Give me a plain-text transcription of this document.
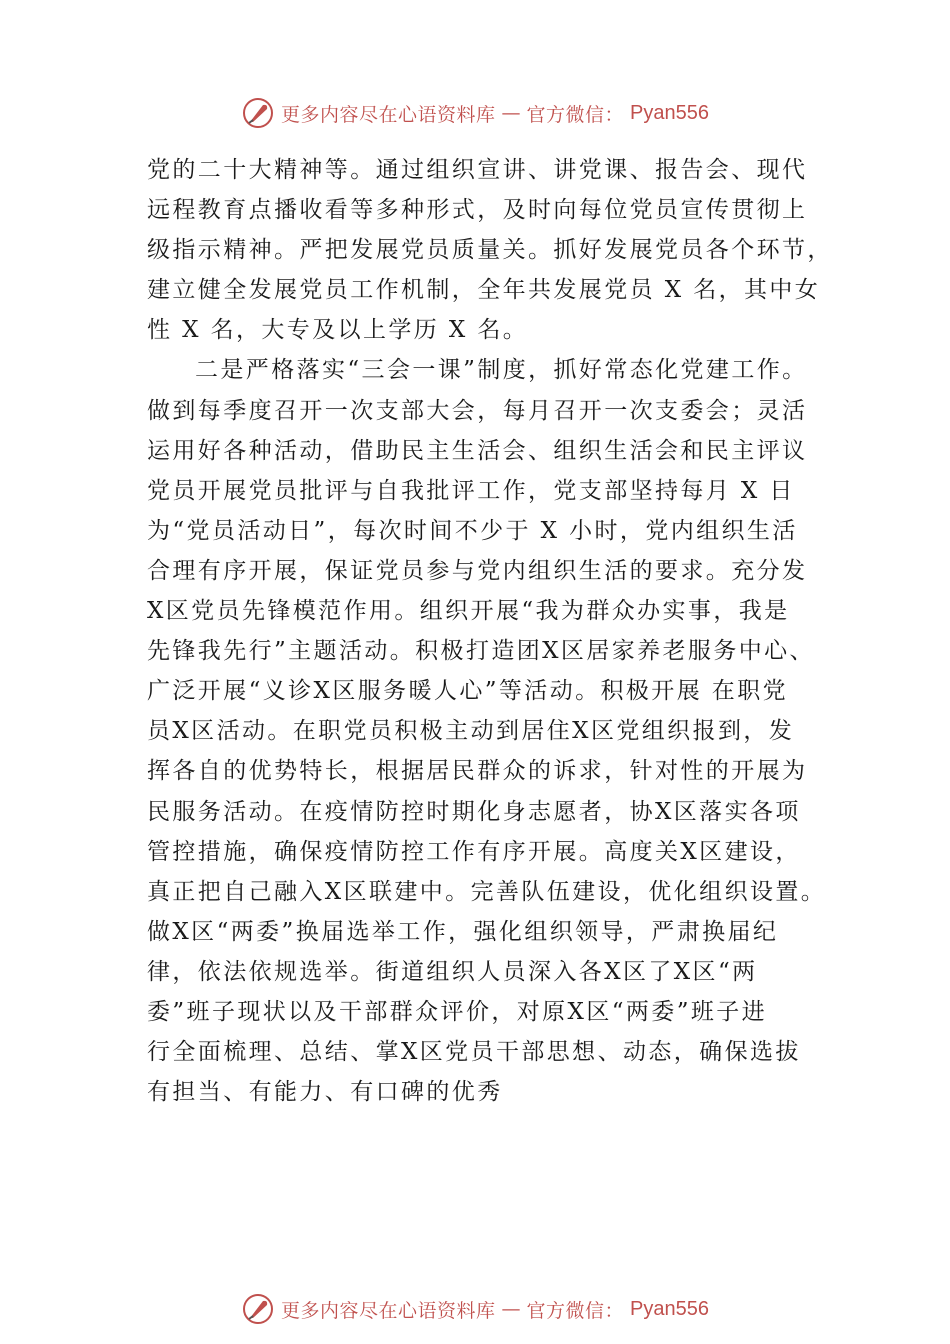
更多内容尽在心语资料库 — 官方微信： Pyan556
党的二十大精神等。通过组织宣讲、讲党课、报告会、现代
远程教育点播收看等多种形式，及时向每位党员宣传贯彻上
级指示精神。严把发展党员质量关。抓好发展党员各个环节，
建立健全发展党员工作机制，全年共发展党员 X 名，其中女
性 X 名，大专及以上学历 X 名。
二是严格落实“三会一课”制度，抓好常态化党建工作。
做到每季度召开一次支部大会，每月召开一次支委会；灵活
运用好各种活动，借助民主生活会、组织生活会和民主评议
党员开展党员批评与自我批评工作，党支部坚持每月 X 日
为“党员活动日”，每次时间不少于 X 小时，党内组织生活
合理有序开展，保证党员参与党内组织生活的要求。充分发
X区党员先锋模范作用。组织开展“我为群众办实事，我是
先锋我先行”主题活动。积极打造团X区居家养老服务中心、
广泛开展“义诊X区服务暖人心”等活动。积极开展 在职党
员X区活动。在职党员积极主动到居住X区党组织报到，发
挥各自的优势特长，根据居民群众的诉求，针对性的开展为
民服务活动。在疫情防控时期化身志愿者，协X区落实各项
管控措施，确保疫情防控工作有序开展。高度关X区建设，
真正把自己融入X区联建中。完善队伍建设，优化组织设置。
做X区“两委”换届选举工作，强化组织领导，严肃换届纪
律，依法依规选举。街道组织人员深入各X区了X区“两
委”班子现状以及干部群众评价，对原X区“两委”班子进
行全面梳理、总结、掌X区党员干部思想、动态，确保选拔
有担当、有能力、有口碑的优秀
更多内容尽在心语资料库 — 官方微信： Pyan556
